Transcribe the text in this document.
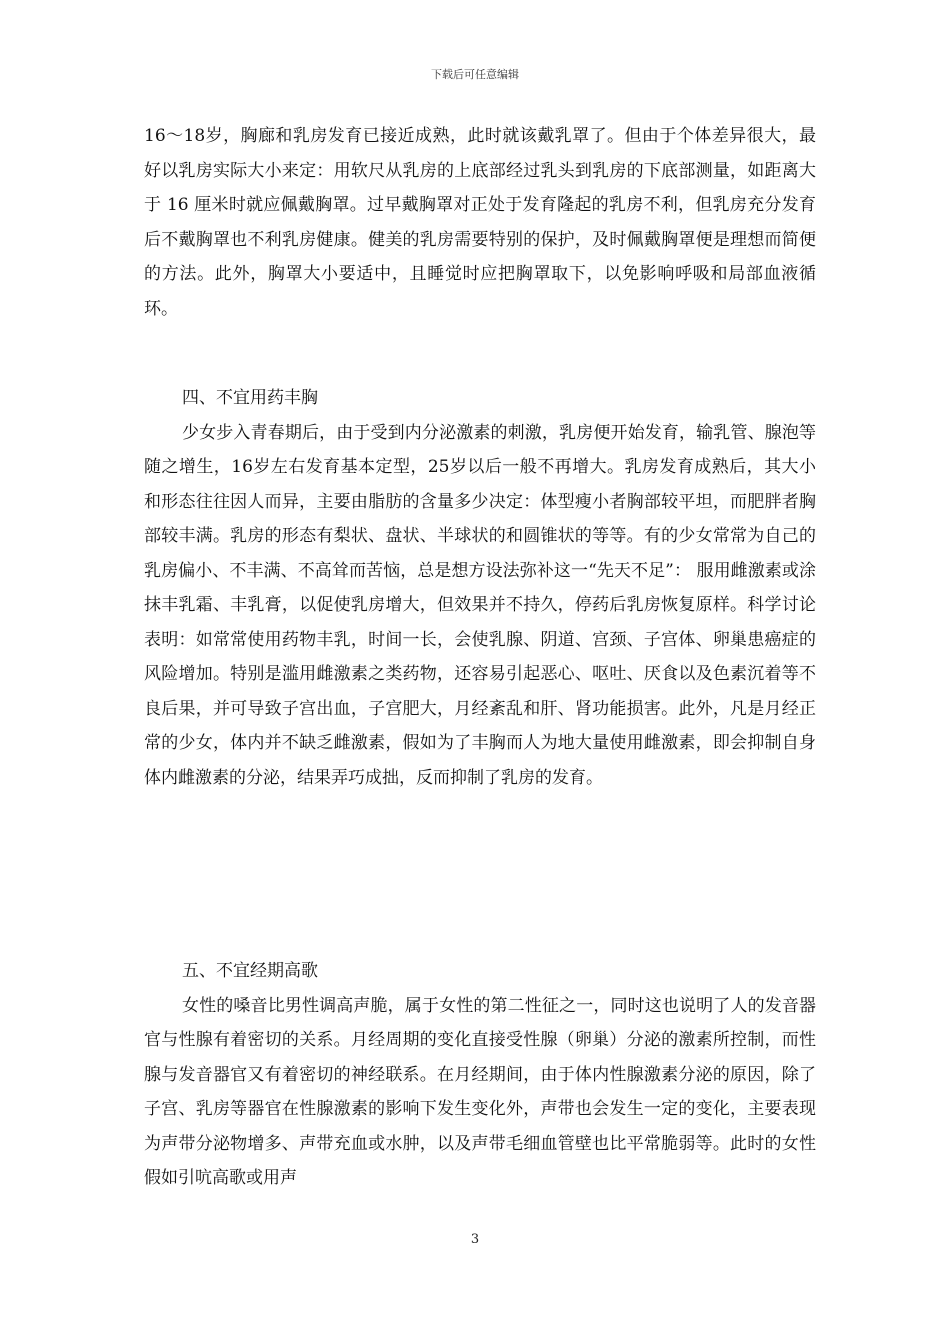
下载后可任意编辑

16～18岁，胸廊和乳房发育已接近成熟，此时就该戴乳罩了。但由于个体差异很大，最好以乳房实际大小来定：用软尺从乳房的上底部经过乳头到乳房的下底部测量，如距离大于 16 厘米时就应佩戴胸罩。过早戴胸罩对正处于发育隆起的乳房不利，但乳房充分发育后不戴胸罩也不利乳房健康。健美的乳房需要特别的保护，及时佩戴胸罩便是理想而简便的方法。此外，胸罩大小要适中，且睡觉时应把胸罩取下，以免影响呼吸和局部血液循环。

四、不宜用药丰胸

少女步入青春期后，由于受到内分泌激素的刺激，乳房便开始发育，输乳管、腺泡等随之增生，16岁左右发育基本定型，25岁以后一般不再增大。乳房发育成熟后，其大小和形态往往因人而异，主要由脂肪的含量多少决定：体型瘦小者胸部较平坦，而肥胖者胸部较丰满。乳房的形态有梨状、盘状、半球状的和圆锥状的等等。有的少女常常为自己的乳房偏小、不丰满、不高耸而苦恼，总是想方设法弥补这一“先天不足”： 服用雌激素或涂抹丰乳霜、丰乳膏，以促使乳房增大，但效果并不持久，停药后乳房恢复原样。科学讨论表明：如常常使用药物丰乳，时间一长，会使乳腺、阴道、宫颈、子宫体、卵巢患癌症的风险增加。特别是滥用雌激素之类药物，还容易引起恶心、呕吐、厌食以及色素沉着等不良后果，并可导致子宫出血，子宫肥大，月经紊乱和肝、肾功能损害。此外，凡是月经正常的少女，体内并不缺乏雌激素，假如为了丰胸而人为地大量使用雌激素，即会抑制自身体内雌激素的分泌，结果弄巧成拙，反而抑制了乳房的发育。

五、不宜经期高歌

女性的嗓音比男性调高声脆，属于女性的第二性征之一，同时这也说明了人的发音器官与性腺有着密切的关系。月经周期的变化直接受性腺（卵巢）分泌的激素所控制，而性腺与发音器官又有着密切的神经联系。在月经期间，由于体内性腺激素分泌的原因，除了子宫、乳房等器官在性腺激素的影响下发生变化外，声带也会发生一定的变化，主要表现为声带分泌物增多、声带充血或水肿，以及声带毛细血管壁也比平常脆弱等。此时的女性假如引吭高歌或用声

3
